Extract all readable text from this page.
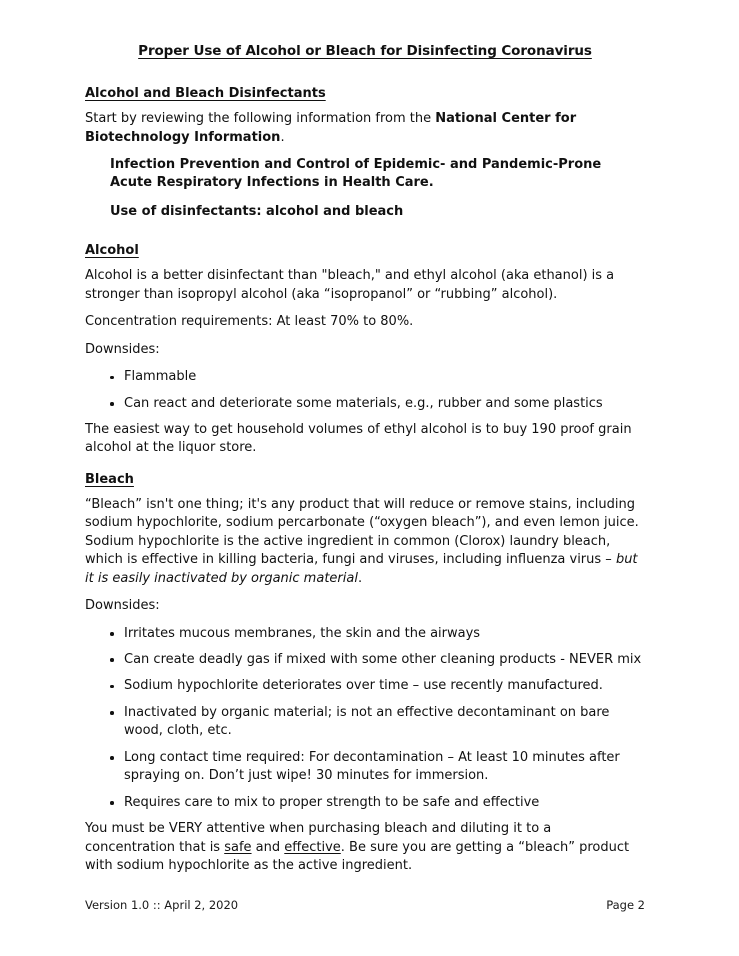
Proper Use of Alcohol or Bleach for Disinfecting Coronavirus
Alcohol and Bleach Disinfectants

Start by reviewing the following information from the National Center for Biotechnology Information.

Infection Prevention and Control of Epidemic- and Pandemic-Prone Acute Respiratory Infections in Health Care.

Use of disinfectants: alcohol and bleach

Alcohol

Alcohol is a better disinfectant than "bleach," and ethyl alcohol (aka ethanol) is a stronger than isopropyl alcohol (aka “isopropanol” or “rubbing” alcohol).

Concentration requirements: At least 70% to 80%.

Downsides:

Flammable
Can react and deteriorate some materials, e.g., rubber and some plastics

The easiest way to get household volumes of ethyl alcohol is to buy 190 proof grain alcohol at the liquor store.

Bleach

“Bleach” isn't one thing; it's any product that will reduce or remove stains, including sodium hypochlorite, sodium percarbonate (“oxygen bleach”), and even lemon juice. Sodium hypochlorite is the active ingredient in common (Clorox) laundry bleach, which is effective in killing bacteria, fungi and viruses, including influenza virus – but it is easily inactivated by organic material.

Downsides:

Irritates mucous membranes, the skin and the airways
Can create deadly gas if mixed with some other cleaning products - NEVER mix
Sodium hypochlorite deteriorates over time – use recently manufactured.
Inactivated by organic material; is not an effective decontaminant on bare wood, cloth, etc.
Long contact time required: For decontamination – At least 10 minutes after spraying on. Don’t just wipe! 30 minutes for immersion.
Requires care to mix to proper strength to be safe and effective

You must be VERY attentive when purchasing bleach and diluting it to a concentration that is safe and effective. Be sure you are getting a “bleach” product with sodium hypochlorite as the active ingredient.

Version 1.0 :: April 2, 2020	Page 2
